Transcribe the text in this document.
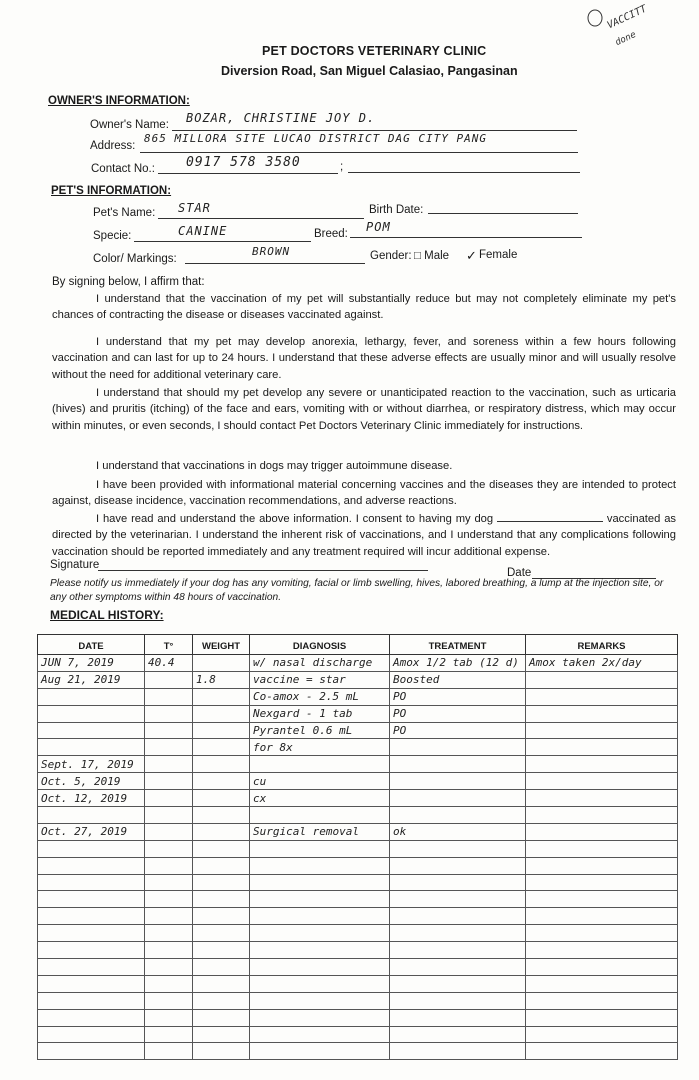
VACCITT
done
PET DOCTORS VETERINARY CLINIC
Diversion Road, San Miguel Calasiao, Pangasinan
OWNER'S INFORMATION:
Owner's Name: BOZAR, CHRISTINE JOY D.
Address:
865 MILLORA SITE LUCAO DISTRICT DAG CITY PANG
Contact No.:	;
0917 578 3580
PET'S INFORMATION:
Pet's Name: STAR	Birth Date:
Specie:	CANINE	Breed: POM
Color/ Markings:
BROWN	Gender: □ Male ✓ Female
By signing below, I affirm that:
I understand that the vaccination of my pet will substantially reduce but may not completely eliminate my pet's chances of contracting the disease or diseases vaccinated against.
I understand that my pet may develop anorexia, lethargy, fever, and soreness within a few hours following vaccination and can last for up to 24 hours. I understand that these adverse effects are usually minor and will usually resolve without the need for additional veterinary care.
I understand that should my pet develop any severe or unanticipated reaction to the vaccination, such as urticaria (hives) and pruritis (itching) of the face and ears, vomiting with or without diarrhea, or respiratory distress, which may occur within minutes, or even seconds, I should contact Pet Doctors Veterinary Clinic immediately for instructions.
I understand that vaccinations in dogs may trigger autoimmune disease.
I have been provided with informational material concerning vaccines and the diseases they are intended to protect against, disease incidence, vaccination recommendations, and adverse reactions.
I have read and understand the above information. I consent to having my dog	vaccinated as directed by the veterinarian. I understand the inherent risk of vaccinations, and I understand that any complications following vaccination should be reported immediately and any treatment required will incur additional expense.
Signature
Date
Please notify us immediately if your dog has any vomiting, facial or limb swelling, hives, labored breathing, a lump at the injection site, or any other symptoms within 48 hours of vaccination.
MEDICAL HISTORY:
DATE	T°	WEIGHT	DIAGNOSIS	TREATMENT	REMARKS
JUN 7, 2019	40.4		w/ nasal discharge	Amox 1/2 tab (12 d)	Amox taken 2x/day
Aug 21, 2019		1.8	vaccine = star	Boosted	
			Co-amox - 2.5 mL	PO	
			Nexgard - 1 tab	PO	
			Pyrantel 0.6 mL	PO	
			for 8x		
Sept. 17, 2019					
Oct. 5, 2019			cu		
Oct. 12, 2019			cx		

Oct. 27, 2019			Surgical removal	ok	
